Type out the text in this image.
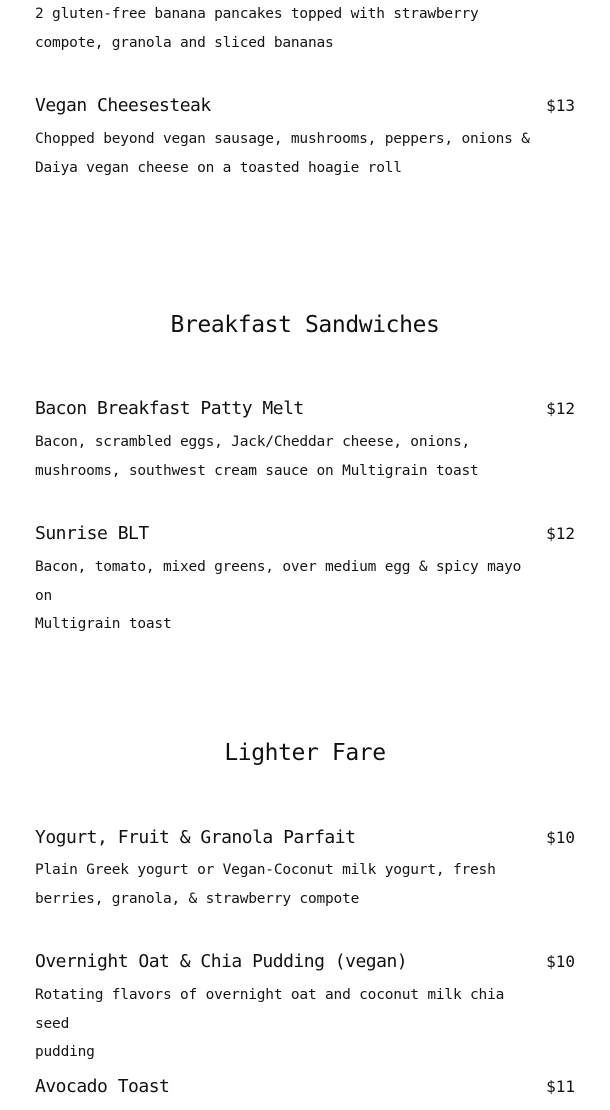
2 gluten-free banana pancakes topped with strawberry
compote, granola and sliced bananas
Vegan Cheesesteak	$13
Chopped beyond vegan sausage, mushrooms, peppers, onions &
Daiya vegan cheese on a toasted hoagie roll
Breakfast Sandwiches
Bacon Breakfast Patty Melt	$12
Bacon, scrambled eggs, Jack/Cheddar cheese, onions,
mushrooms, southwest cream sauce on Multigrain toast
Sunrise BLT	$12
Bacon, tomato, mixed greens, over medium egg & spicy mayo on
Multigrain toast
Lighter Fare
Yogurt, Fruit & Granola Parfait	$10
Plain Greek yogurt or Vegan-Coconut milk yogurt, fresh
berries, granola, & strawberry compote
Overnight Oat & Chia Pudding (vegan)	$10
Rotating flavors of overnight oat and coconut milk chia seed
pudding
Avocado Toast	$11
